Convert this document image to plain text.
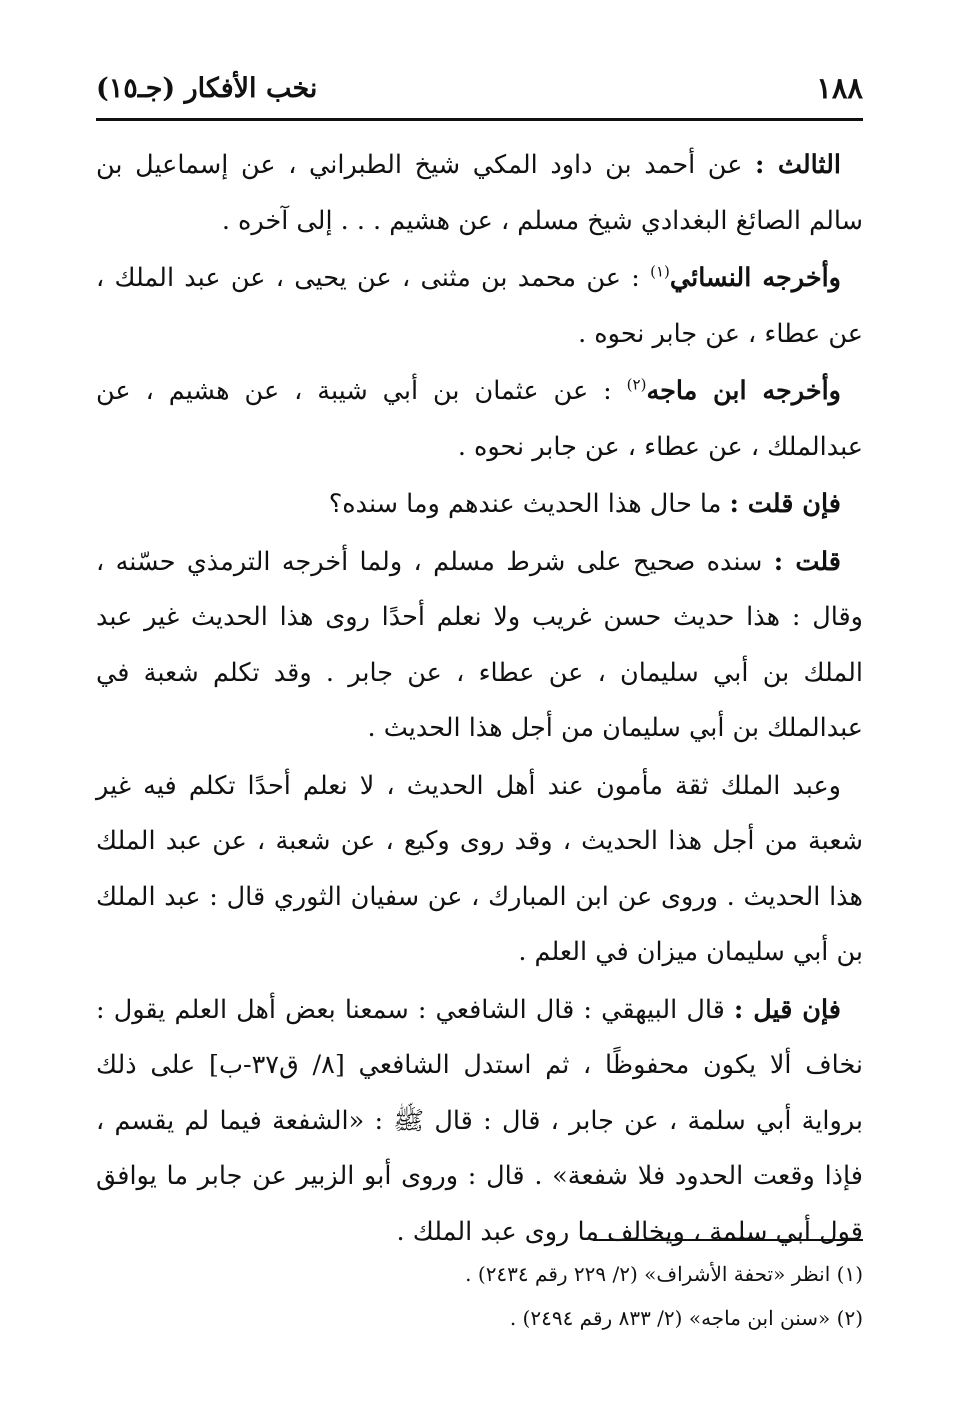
١٨٨
نخب الأفكار (جـ١٥)

الثالث : عن أحمد بن داود المكي شيخ الطبراني ، عن إسماعيل بن سالم الصائغ البغدادي شيخ مسلم ، عن هشيم . . . إلى آخره .

وأخرجه النسائي$^{(١)}$ : عن محمد بن مثنى ، عن يحيى ، عن عبد الملك ، عن عطاء ، عن جابر نحوه .

وأخرجه ابن ماجه$^{(٢)}$ : عن عثمان بن أبي شيبة ، عن هشيم ، عن عبدالملك ، عن عطاء ، عن جابر نحوه .

فإن قلت : ما حال هذا الحديث عندهم وما سنده؟

قلت : سنده صحيح على شرط مسلم ، ولما أخرجه الترمذي حسّنه ، وقال : هذا حديث حسن غريب ولا نعلم أحدًا روى هذا الحديث غير عبد الملك بن أبي سليمان ، عن عطاء ، عن جابر . وقد تكلم شعبة في عبدالملك بن أبي سليمان من أجل هذا الحديث .

وعبد الملك ثقة مأمون عند أهل الحديث ، لا نعلم أحدًا تكلم فيه غير شعبة من أجل هذا الحديث ، وقد روى وكيع ، عن شعبة ، عن عبد الملك هذا الحديث . وروى عن ابن المبارك ، عن سفيان الثوري قال : عبد الملك بن أبي سليمان ميزان في العلم .

فإن قيل : قال البيهقي : قال الشافعي : سمعنا بعض أهل العلم يقول : نخاف ألا يكون محفوظًا ، ثم استدل الشافعي [٨/ ق٣٧-ب] على ذلك برواية أبي سلمة ، عن جابر ، قال : قال ﷺ : «الشفعة فيما لم يقسم ، فإذا وقعت الحدود فلا شفعة» . قال : وروى أبو الزبير عن جابر ما يوافق قول أبي سلمة ، ويخالف ما روى عبد الملك .

(١) انظر «تحفة الأشراف» (٢/ ٢٢٩ رقم ٢٤٣٤) .

(٢) «سنن ابن ماجه» (٢/ ٨٣٣ رقم ٢٤٩٤) .
